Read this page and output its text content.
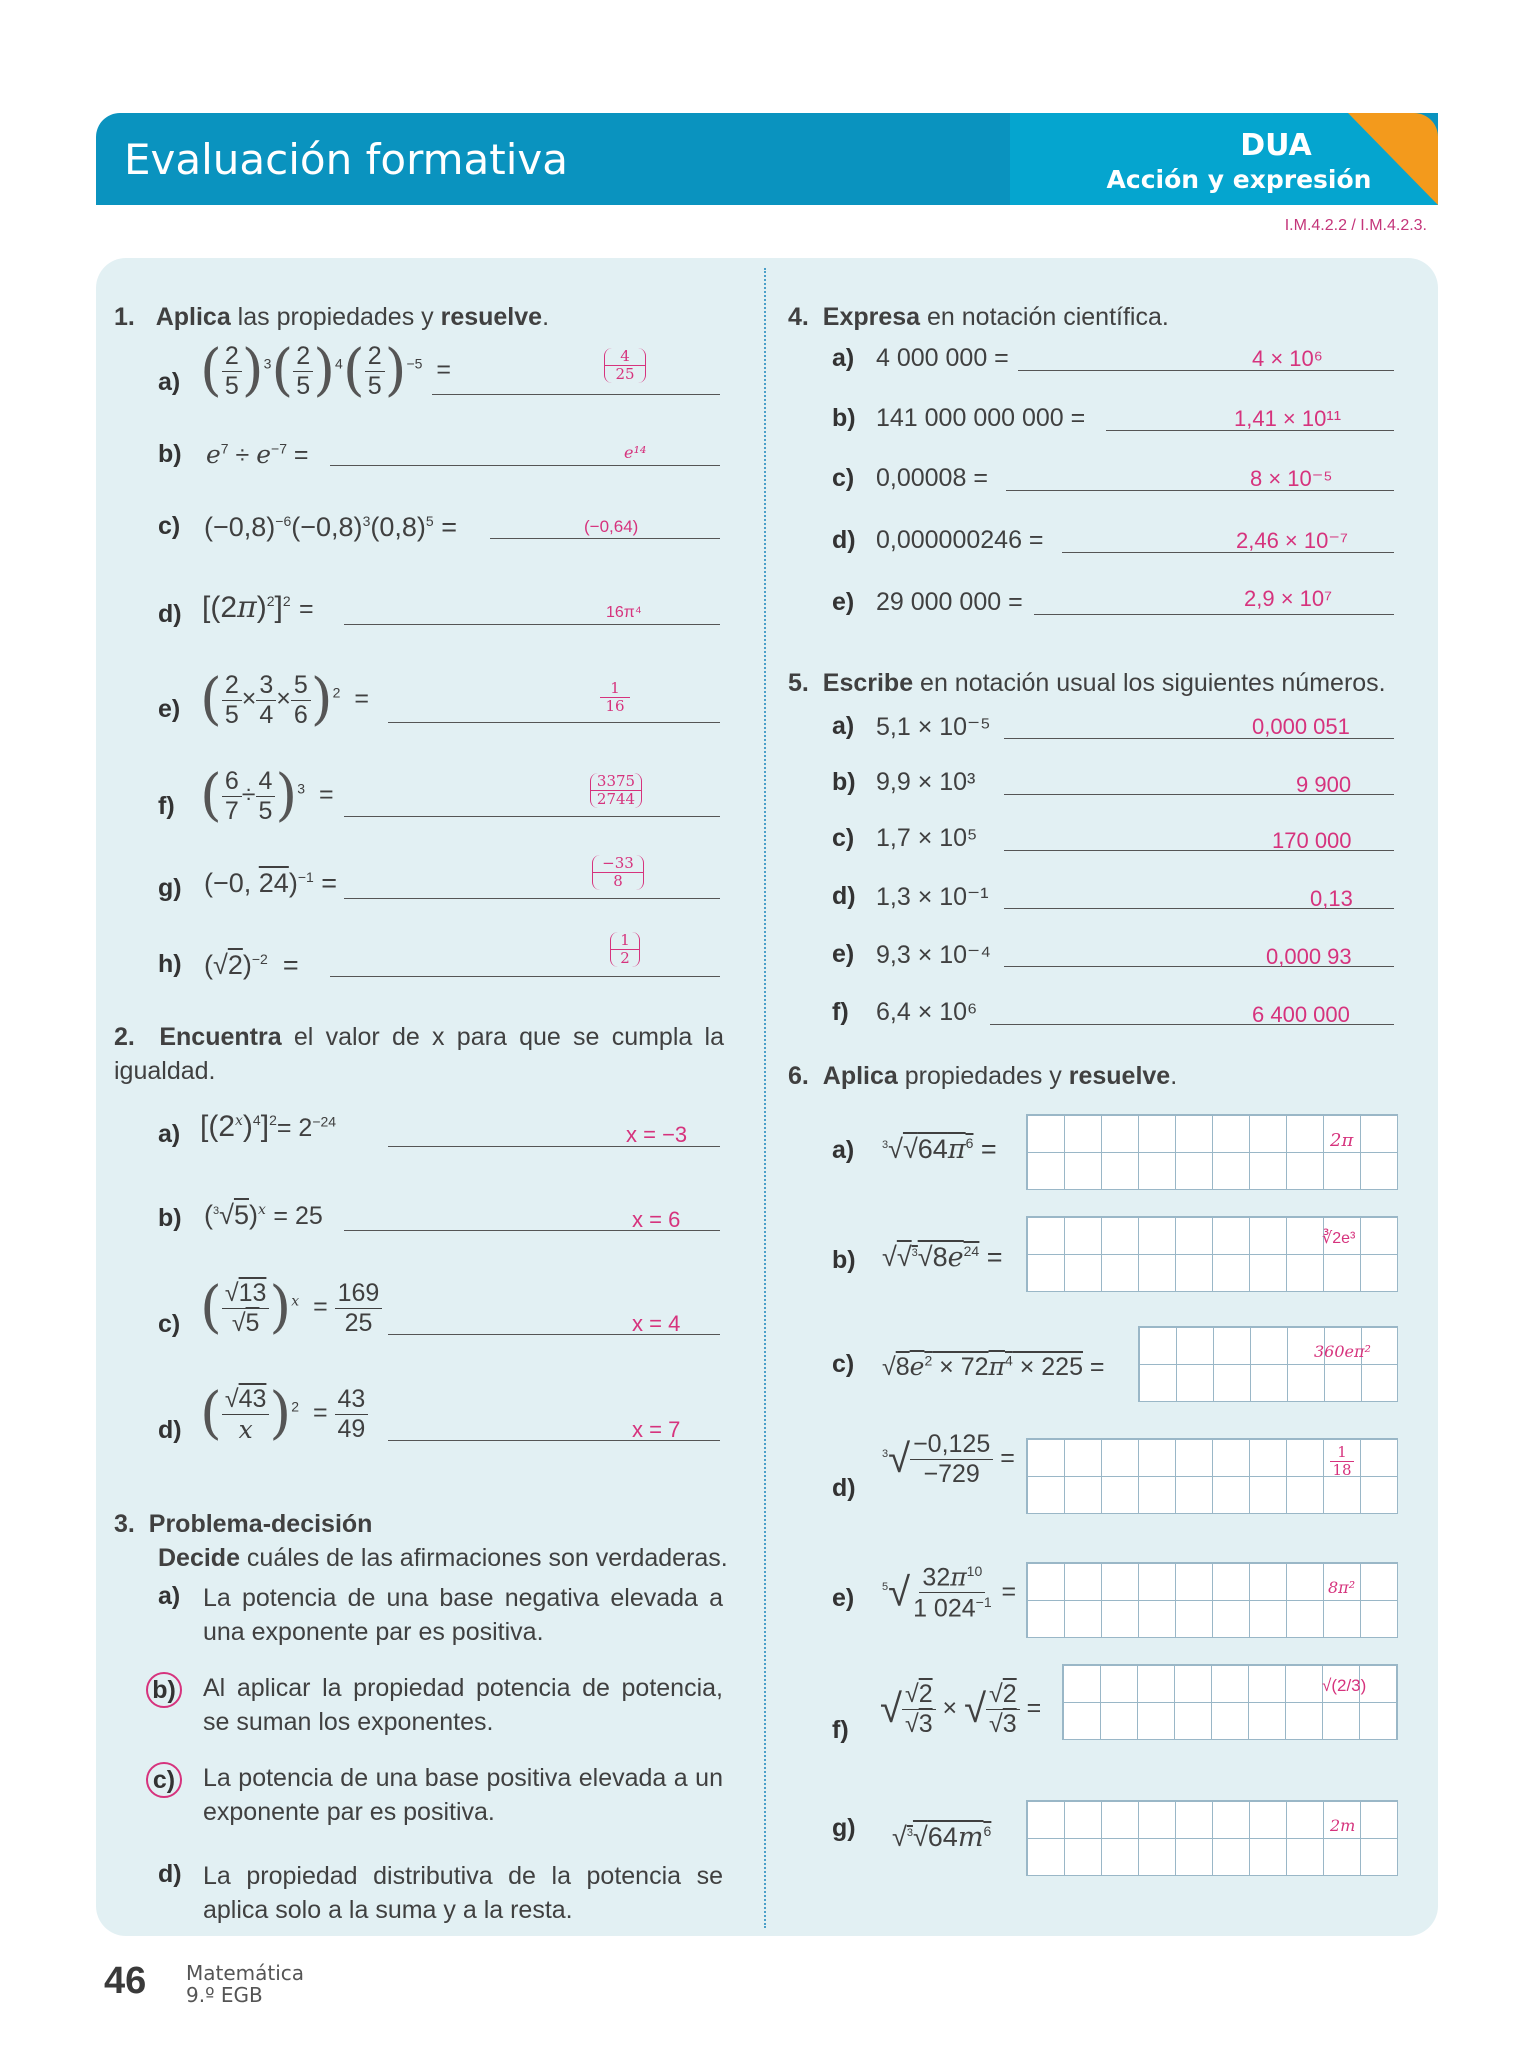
Evaluación formativa	DUA
Acción y expresión
I.M.4.2.2 / I.M.4.2.3.
1. Aplica las propiedades y resuelve.
a) ( $\frac{2}{5} )^3( \frac{2}{5} )^4( \frac{2}{5} )^{-5}$  =	4
25
b) $e^7 \div e^{-7}$ =	e¹⁴
c) $(-0,8)^{-6}(-0,8)^3(0,8)^5$ =	(−0,64)
d) $[(2\pi)^2]^2$ =	16π⁴
e) ( $\frac{2}{5} \times \frac{3}{4} \times \frac{5}{6} )^2$  =	1
16
f) ( $\frac{6}{7} \div \frac{4}{5} )^3$  =	3375
2744
g) (−0, 24)$^{-1}$ =
−33
8
h) $(√2)^{-2}$  =
1
2
2. Encuentra el valor de x para que se cumpla la igualdad.
a) $[(2^x)^4]^2= 2^{-24}$
x = −3
b) $(^3√5)^x = 25$	x = 6
c) ( $\frac{√13}{√5} )^x = \frac{169}{25}$	x = 4
d) ( $\frac{√43}{x} )^2 = \frac{43}{49}$	x = 7
3. Problema-decisión
Decide cuáles de las afirmaciones son verdaderas.
a) La potencia de una base negativa elevada a una exponente par es positiva.
b) Al aplicar la propiedad potencia de potencia, se suman los exponentes.
c) La potencia de una base positiva elevada a un exponente par es positiva.
d) La propiedad distributiva de la potencia se aplica solo a la suma y a la resta.
4. Expresa en notación científica.
5. Escribe en notación usual los siguientes números.
6. Aplica propiedades y resuelve.
a) 4 000 000 =	4 × 10⁶
b) 141 000 000 000 =	1,41 × 10¹¹
c) 0,00008 =	8 × 10⁻⁵
d) 0,000000246 =	2,46 × 10⁻⁷
e) 29 000 000 =	2,9 × 10⁷
a) 5,1 × 10⁻⁵	0,000 051
b) 9,9 × 10³	9 900
c) 1,7 × 10⁵	170 000
d) 1,3 × 10⁻¹	0,13
e) 9,3 × 10⁻⁴	0,000 93
f) 6,4 × 10⁶	6 400 000
a)	$^3√√64\pi^6$ =	2π
b) $√√^3√8e^{24}$ =
∛2e³
c) $√8e^2 \times 72\pi^4 \times 225$ =
360eπ²
d)
$^3√ \frac{-0,125}{-729}$ =	1
18
e)	$^5√ \frac{32\pi^{10}}{1 024^{-1}}$ =	8π²
f) √ $\frac{√2}{√3}$ × √ $\frac{√2}{√3}$ =
√(2/3)
g) $√^3√64m^6$	2m
46 Matemática
9.º EGB
